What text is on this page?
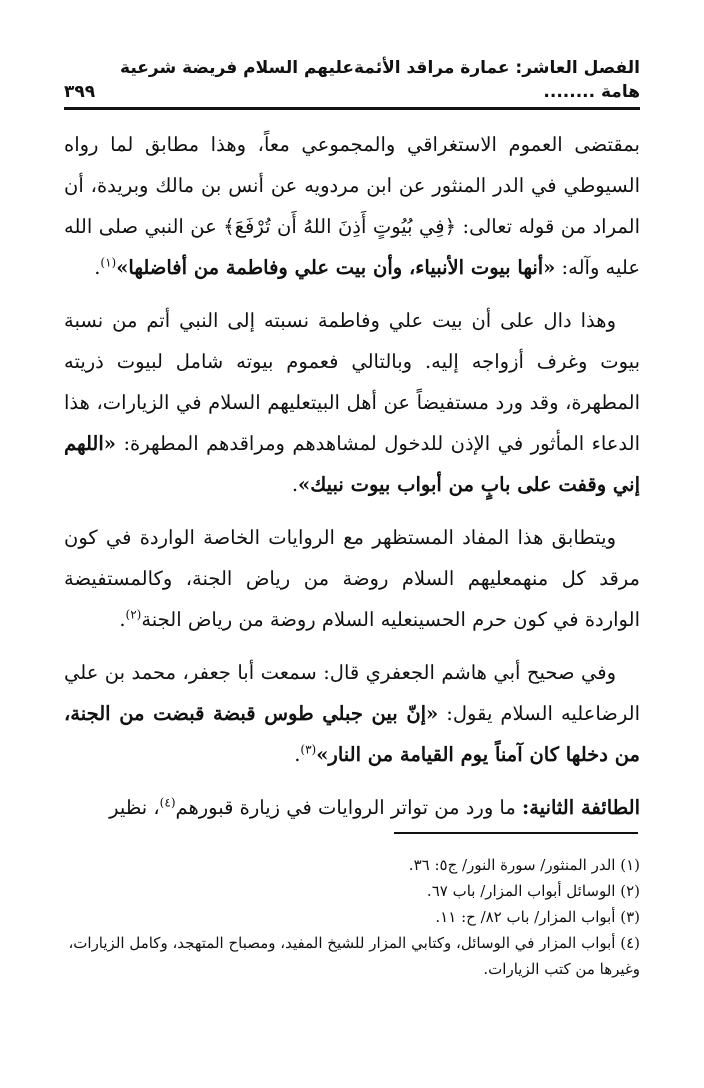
الفصل العاشر: عمارة مراقد الأئمةعليهم السلام فريضة شرعية هامة ........
٣٩٩

بمقتضى العموم الاستغراقي والمجموعي معاً، وهذا مطابق لما رواه السيوطي في الدر المنثور عن ابن مردويه عن أنس بن مالك وبريدة، أن المراد من قوله تعالى: ﴿فِي بُيُوتٍ أَذِنَ اللهُ أَن تُرْفَعَ﴾ عن النبي صلى الله عليه وآله: «أنها بيوت الأنبياء، وأن بيت علي وفاطمة من أفاضلها»$^{(١)}$.

وهذا دال على أن بيت علي وفاطمة نسبته إلى النبي أتم من نسبة بيوت وغرف أزواجه إليه. وبالتالي فعموم بيوته شامل لبيوت ذريته المطهرة، وقد ورد مستفيضاً عن أهل البيتعليهم السلام في الزيارات، هذا الدعاء المأثور في الإذن للدخول لمشاهدهم ومراقدهم المطهرة: «اللهم إني وقفت على بابٍ من أبواب بيوت نبيك».

ويتطابق هذا المفاد المستظهر مع الروايات الخاصة الواردة في كون مرقد كل منهمعليهم السلام روضة من رياض الجنة، وكالمستفيضة الواردة في كون حرم الحسينعليه السلام روضة من رياض الجنة$^{(٢)}$.

وفي صحيح أبي هاشم الجعفري قال: سمعت أبا جعفر، محمد بن علي الرضاعليه السلام يقول: «إنّ بين جبلي طوس قبضة قبضت من الجنة، من دخلها كان آمناً يوم القيامة من النار»$^{(٣)}$.

الطائفة الثانية: ما ورد من تواتر الروايات في زيارة قبورهم$^{(٤)}$، نظير

(١) الدر المنثور/ سورة النور/ ج٥: ٣٦.

(٢) الوسائل أبواب المزار/ باب ٦٧.

(٣) أبواب المزار/ باب ٨٢/ ح: ١١.

(٤) أبواب المزار في الوسائل، وكتابي المزار للشيخ المفيد، ومصباح المتهجد، وكامل الزيارات، وغيرها من كتب الزيارات.
